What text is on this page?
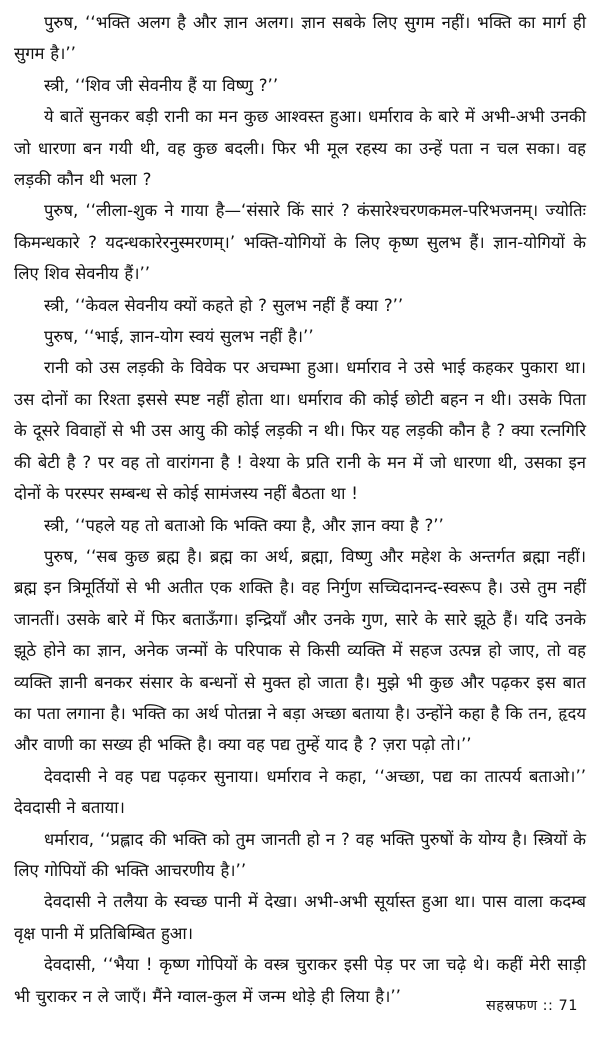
पुरुष, ‘‘भक्ति अलग है और ज्ञान अलग। ज्ञान सबके लिए सुगम नहीं। भक्ति का मार्ग ही सुगम है।’’

स्त्री, ‘‘शिव जी सेवनीय हैं या विष्णु ?’’

ये बातें सुनकर बड़ी रानी का मन कुछ आश्वस्त हुआ। धर्माराव के बारे में अभी-अभी उनकी जो धारणा बन गयी थी, वह कुछ बदली। फिर भी मूल रहस्य का उन्हें पता न चल सका। वह लड़की कौन थी भला ?

पुरुष, ‘‘लीला-शुक ने गाया है—‘संसारे किं सारं ? कंसारेश्चरणकमल-परिभजनम्। ज्योतिः किमन्धकारे ? यदन्धकारेरनुस्मरणम्।’ भक्ति-योगियों के लिए कृष्ण सुलभ हैं। ज्ञान-योगियों के लिए शिव सेवनीय हैं।’’

स्त्री, ‘‘केवल सेवनीय क्यों कहते हो ? सुलभ नहीं हैं क्या ?’’

पुरुष, ‘‘भाई, ज्ञान-योग स्वयं सुलभ नहीं है।’’

रानी को उस लड़की के विवेक पर अचम्भा हुआ। धर्माराव ने उसे भाई कहकर पुकारा था। उस दोनों का रिश्ता इससे स्पष्ट नहीं होता था। धर्माराव की कोई छोटी बहन न थी। उसके पिता के दूसरे विवाहों से भी उस आयु की कोई लड़की न थी। फिर यह लड़की कौन है ? क्या रत्नगिरि की बेटी है ? पर वह तो वारांगना है ! वेश्या के प्रति रानी के मन में जो धारणा थी, उसका इन दोनों के परस्पर सम्बन्ध से कोई सामंजस्य नहीं बैठता था !

स्त्री, ‘‘पहले यह तो बताओ कि भक्ति क्या है, और ज्ञान क्या है ?’’

पुरुष, ‘‘सब कुछ ब्रह्म है। ब्रह्म का अर्थ, ब्रह्मा, विष्णु और महेश के अन्तर्गत ब्रह्मा नहीं। ब्रह्म इन त्रिमूर्तियों से भी अतीत एक शक्ति है। वह निर्गुण सच्चिदानन्द-स्वरूप है। उसे तुम नहीं जानतीं। उसके बारे में फिर बताऊँगा। इन्द्रियाँ और उनके गुण, सारे के सारे झूठे हैं। यदि उनके झूठे होने का ज्ञान, अनेक जन्मों के परिपाक से किसी व्यक्ति में सहज उत्पन्न हो जाए, तो वह व्यक्ति ज्ञानी बनकर संसार के बन्धनों से मुक्त हो जाता है। मुझे भी कुछ और पढ़कर इस बात का पता लगाना है। भक्ति का अर्थ पोतन्ना ने बड़ा अच्छा बताया है। उन्होंने कहा है कि तन, हृदय और वाणी का सख्य ही भक्ति है। क्या वह पद्य तुम्हें याद है ? ज़रा पढ़ो तो।’’

देवदासी ने वह पद्य पढ़कर सुनाया। धर्माराव ने कहा, ‘‘अच्छा, पद्य का तात्पर्य बताओ।’’ देवदासी ने बताया।

धर्माराव, ‘‘प्रह्लाद की भक्ति को तुम जानती हो न ? वह भक्ति पुरुषों के योग्य है। स्त्रियों के लिए गोपियों की भक्ति आचरणीय है।’’

देवदासी ने तलैया के स्वच्छ पानी में देखा। अभी-अभी सूर्यास्त हुआ था। पास वाला कदम्ब वृक्ष पानी में प्रतिबिम्बित हुआ।

देवदासी, ‘‘भैया ! कृष्ण गोपियों के वस्त्र चुराकर इसी पेड़ पर जा चढ़े थे। कहीं मेरी साड़ी भी चुराकर न ले जाएँ। मैंने ग्वाल-कुल में जन्म थोड़े ही लिया है।’’

सहस्रफण :: 71
